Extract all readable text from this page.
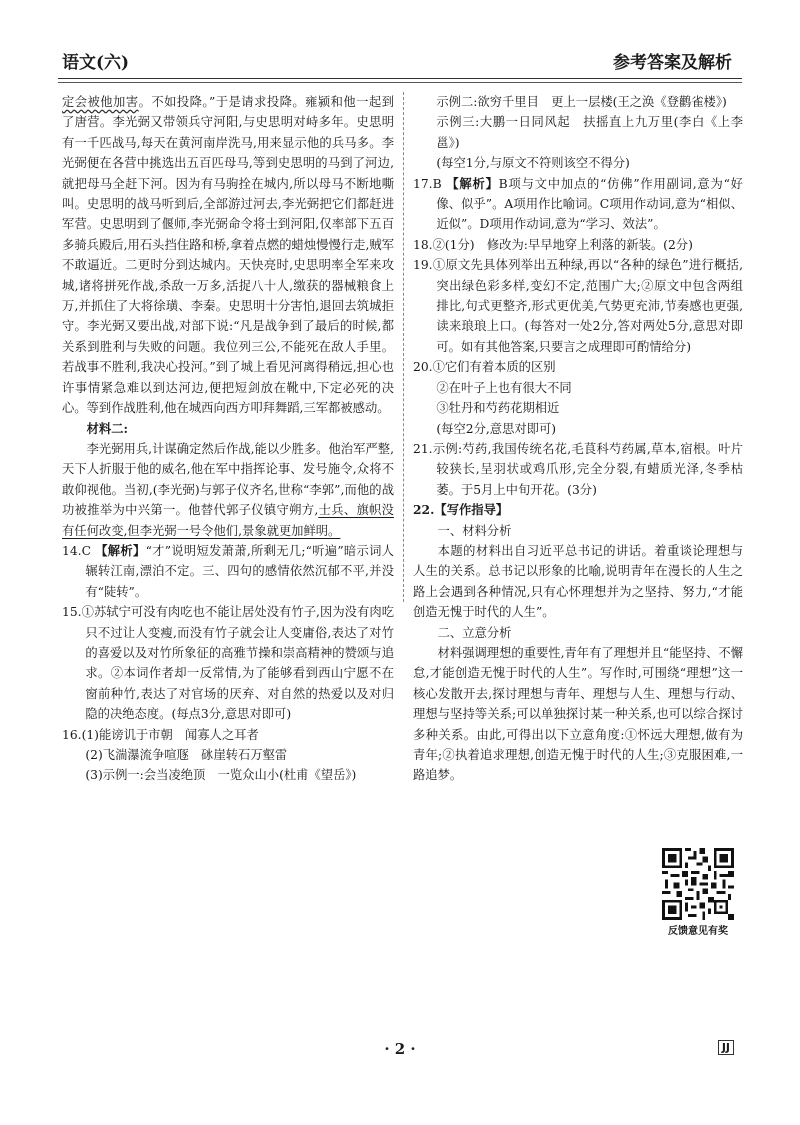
语文(六)	参考答案及解析

定会被他加害。不如投降。”于是请求投降。雍颍和他一起到了唐营。李光弼又带领兵守河阳,与史思明对峙多年。史思明有一千匹战马,每天在黄河南岸洗马,用来显示他的兵马多。李光弼便在各营中挑选出五百匹母马,等到史思明的马到了河边,就把母马全赶下河。因为有马驹拴在城内,所以母马不断地嘶叫。史思明的战马听到后,全部游过河去,李光弼把它们都赶进军营。史思明到了偃师,李光弼命令将士到河阳,仅率部下五百多骑兵殿后,用石头挡住路和桥,拿着点燃的蜡烛慢慢行走,贼军不敢逼近。二更时分到达城内。天快亮时,史思明率全军来攻城,诸将拼死作战,杀敌一万多,活捉八十人,缴获的器械粮食上万,并抓住了大将徐璜、李秦。史思明十分害怕,退回去筑城拒守。李光弼又要出战,对部下说:“凡是战争到了最后的时候,都关系到胜利与失败的问题。我位列三公,不能死在敌人手里。若战事不胜利,我决心投河。”到了城上看见河离得稍远,担心也许事情紧急难以到达河边,便把短剑放在靴中,下定必死的决心。等到作战胜利,他在城西向西方叩拜舞蹈,三军都被感动。

材料二:

李光弼用兵,计谋确定然后作战,能以少胜多。他治军严整,天下人折服于他的威名,他在军中指挥论事、发号施令,众将不敢仰视他。当初,(李光弼)与郭子仪齐名,世称“李郭”,而他的战功被推举为中兴第一。他替代郭子仪镇守朔方,士兵、旗帜没有任何改变,但李光弼一号令他们,景象就更加鲜明。

14.C 【解析】“才”说明短发萧萧,所剩无几;“听遍”暗示词人辗转江南,漂泊不定。三、四句的感情依然沉郁不平,并没有“陡转”。

15.①苏轼宁可没有肉吃也不能让居处没有竹子,因为没有肉吃只不过让人变瘦,而没有竹子就会让人变庸俗,表达了对竹的喜爱以及对竹所象征的高雅节操和崇高精神的赞颂与追求。②本词作者却一反常情,为了能够看到西山宁愿不在窗前种竹,表达了对官场的厌弃、对自然的热爱以及对归隐的决绝态度。(每点3分,意思对即可)

16.(1)能谤讥于市朝　闻寡人之耳者

(2)飞湍瀑流争喧豗　砯崖转石万壑雷

(3)示例一:会当凌绝顶　一览众山小(杜甫《望岳》)

示例二:欲穷千里目　更上一层楼(王之涣《登鹳雀楼》)

示例三:大鹏一日同风起　扶摇直上九万里(李白《上李邕》)

(每空1分,与原文不符则该空不得分)

17.B 【解析】B项与文中加点的“仿佛”作用副词,意为“好像、似乎”。A项用作比喻词。C项用作动词,意为“相似、近似”。D项用作动词,意为“学习、效法”。

18.②(1分)　修改为:早早地穿上利落的新装。(2分)

19.①原文先具体列举出五种绿,再以“各种的绿色”进行概括,突出绿色彩多样,变幻不定,范围广大;②原文中包含两组排比,句式更整齐,形式更优美,气势更充沛,节奏感也更强,读来琅琅上口。(每答对一处2分,答对两处5分,意思对即可。如有其他答案,只要言之成理即可酌情给分)

20.①它们有着本质的区别

②在叶子上也有很大不同

③牡丹和芍药花期相近

(每空2分,意思对即可)

21.示例:芍药,我国传统名花,毛茛科芍药属,草本,宿根。叶片较狭长,呈羽状或鸡爪形,完全分裂,有蜡质光泽,冬季枯萎。于5月上中旬开花。(3分)

22.【写作指导】

一、材料分析

本题的材料出自习近平总书记的讲话。着重谈论理想与人生的关系。总书记以形象的比喻,说明青年在漫长的人生之路上会遇到各种情况,只有心怀理想并为之坚持、努力,“才能创造无愧于时代的人生”。

二、立意分析

材料强调理想的重要性,青年有了理想并且“能坚持、不懈怠,才能创造无愧于时代的人生”。写作时,可围绕“理想”这一核心发散开去,探讨理想与青年、理想与人生、理想与行动、理想与坚持等关系;可以单独探讨某一种关系,也可以综合探讨多种关系。由此,可得出以下立意角度:①怀远大理想,做有为青年;②执着追求理想,创造无愧于时代的人生;③克服困难,一路追梦。

反馈意见有奖
· 2 ·	JJ
